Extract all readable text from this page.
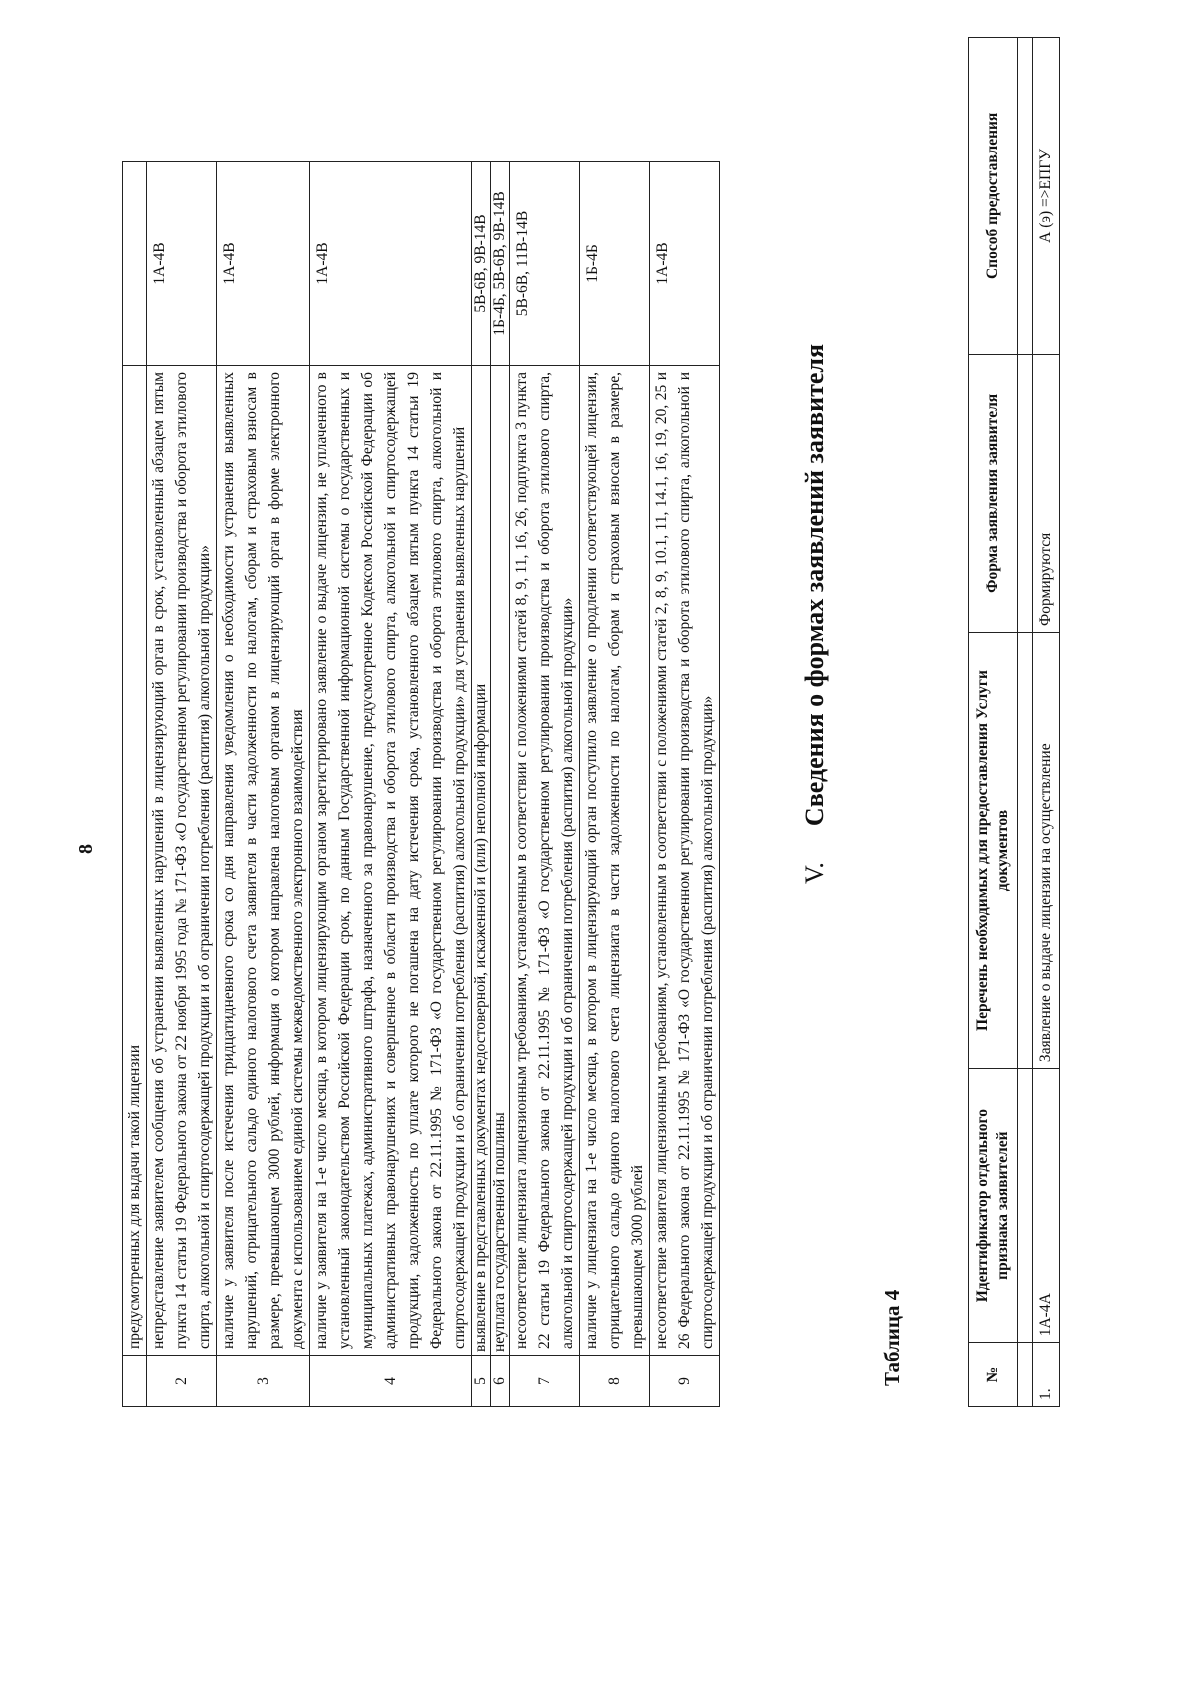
8
	предусмотренных для выдачи такой лицензии	
2	непредставление заявителем сообщения об устранении выявленных нарушений в лицензирующий орган в срок, установленный абзацем пятым пункта 14 статьи 19 Федерального закона от 22 ноября 1995 года № 171-ФЗ «О государственном регулировании производства и оборота этилового спирта, алкогольной и спиртосодержащей продукции и об ограничении потребления (распития) алкогольной продукции»	1А-4В
3	наличие у заявителя после истечения тридцатидневного срока со дня направления уведомления о необходимости устранения выявленных нарушений, отрицательного сальдо единого налогового счета заявителя в части задолженности по налогам, сборам и страховым взносам в размере, превышающем 3000 рублей, информация о котором направлена налоговым органом в лицензирующий орган в форме электронного документа с использованием единой системы межведомственного электронного взаимодействия	1А-4В
4	наличие у заявителя на 1-е число месяца, в котором лицензирующим органом зарегистрировано заявление о выдаче лицензии, не уплаченного в установленный законодательством Российской Федерации срок, по данным Государственной информационной системы о государственных и муниципальных платежах, административного штрафа, назначенного за правонарушение, предусмотренное Кодексом Российской Федерации об административных правонарушениях и совершенное в области производства и оборота этилового спирта, алкогольной и спиртосодержащей продукции, задолженность по уплате которого не погашена на дату истечения срока, установленного абзацем пятым пункта 14 статьи 19 Федерального закона от 22.11.1995 № 171-ФЗ «О государственном регулировании производства и оборота этилового спирта, алкогольной и спиртосодержащей продукции и об ограничении потребления (распития) алкогольной продукции» для устранения выявленных нарушений	1А-4В
5	выявление в представленных документах недостоверной, искаженной и (или) неполной информации	5В-6В, 9В-14В
6	неуплата государственной пошлины	1Б-4Б, 5В-6В, 9В-14В
7	несоответствие лицензиата лицензионным требованиям, установленным в соответствии с положениями статей 8, 9, 11, 16, 26, подпункта 3 пункта 22 статьи 19 Федерального закона от 22.11.1995 № 171-ФЗ «О государственном регулировании производства и оборота этилового спирта, алкогольной и спиртосодержащей продукции и об ограничении потребления (распития) алкогольной продукции»	5В-6В, 11В-14В
8	наличие у лицензиата на 1-е число месяца, в котором в лицензирующий орган поступило заявление о продлении соответствующей лицензии, отрицательного сальдо единого налогового счета лицензиата в части задолженности по налогам, сборам и страховым взносам в размере, превышающем 3000 рублей	1Б-4Б
9	несоответствие заявителя лицензионным требованиям, установленным в соответствии с положениями статей 2, 8, 9, 10.1, 11, 14.1, 16, 19, 20, 25 и 26 Федерального закона от 22.11.1995 № 171-ФЗ «О государственном регулировании производства и оборота этилового спирта, алкогольной и спиртосодержащей продукции и об ограничении потребления (распития) алкогольной продукции»	1А-4В
V.Сведения о формах заявлений заявителя
Таблица 4	№	Идентификатор отдельного признака заявителей	Перечень необходимых для предоставления Услуги документов	Форма заявления заявителя	Способ предоставления

1.	1А-4А	Заявление о выдаче лицензии на осуществление	Формируются	А (э) =>ЕПГУ
